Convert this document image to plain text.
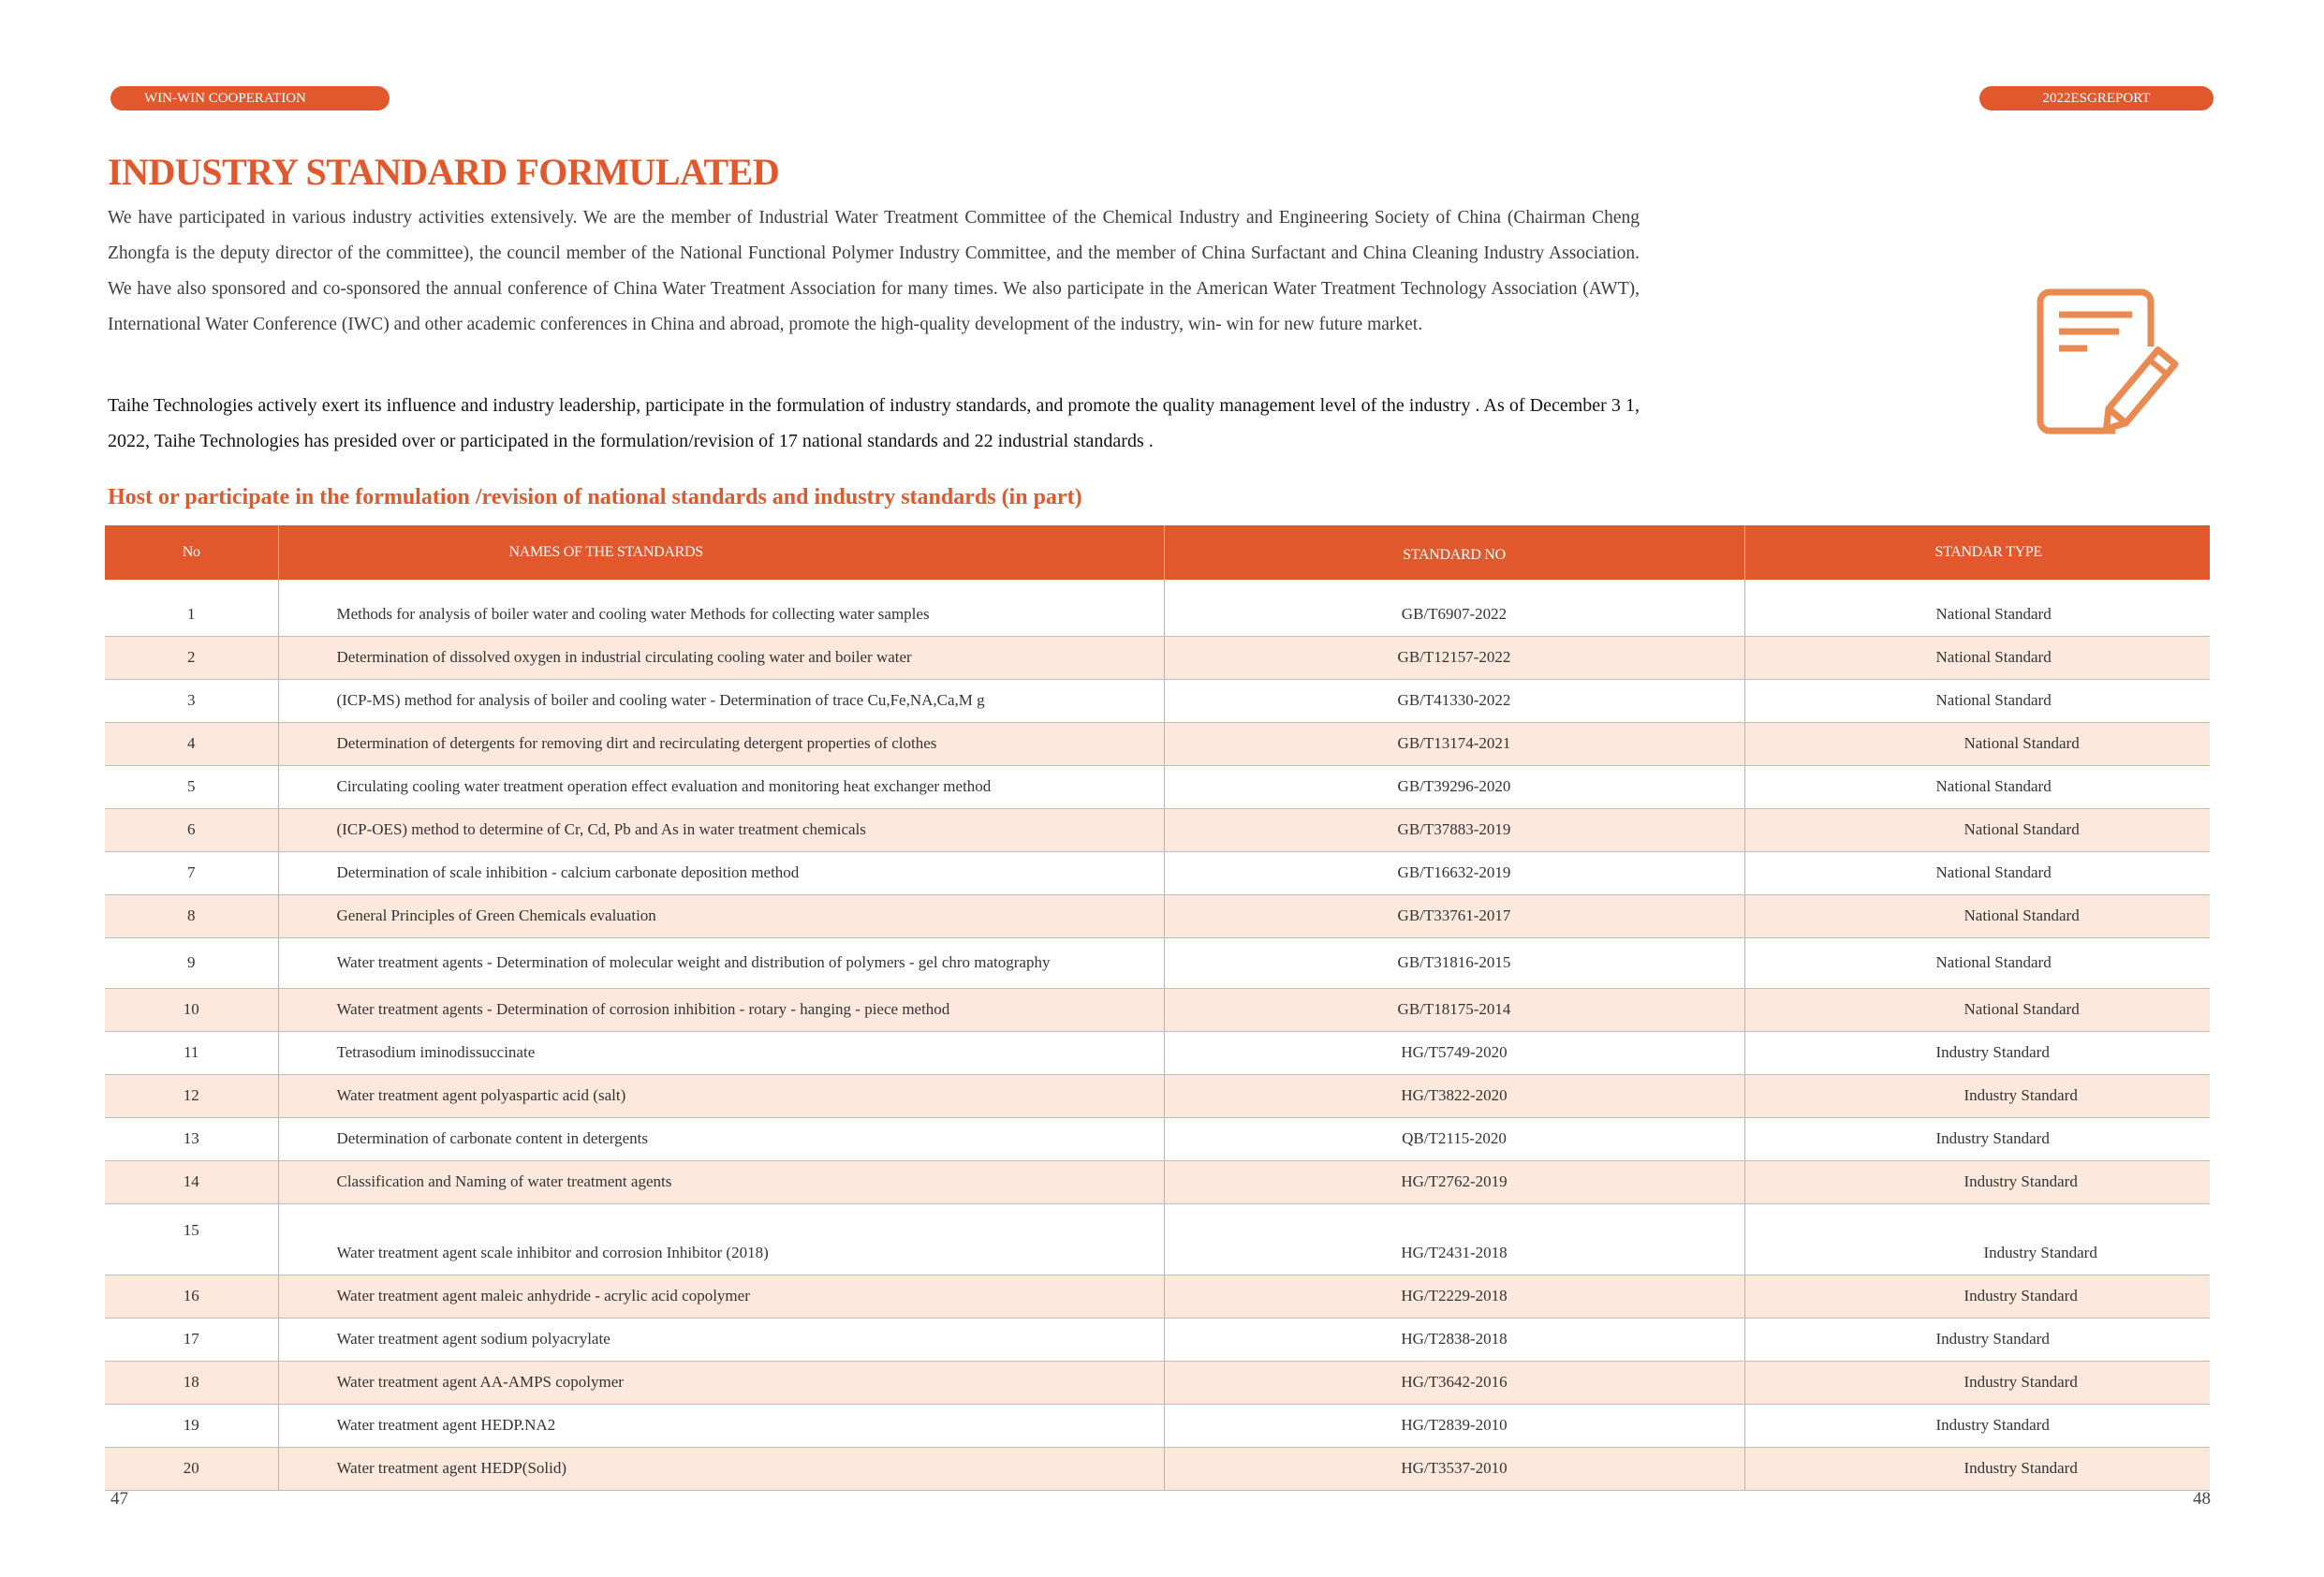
WIN-WIN COOPERATION	2022ESGREPORT
INDUSTRY STANDARD FORMULATED

We have participated in various industry activities extensively. We are the member of Industrial Water Treatment Committee of the Chemical Industry and Engineering Society of China (Chairman Cheng Zhongfa is the deputy director of the committee), the council member of the National Functional Polymer Industry Committee, and the member of China Surfactant and China Cleaning Industry Association. We have also sponsored and co-sponsored the annual conference of China Water Treatment Association for many times. We also participate in the American Water Treatment Technology Association (AWT), International Water Conference (IWC) and other academic conferences in China and abroad, promote the high-quality development of the industry, win- win for new future market.

Taihe Technologies actively exert its influence and industry leadership, participate in the formulation of industry standards, and promote the quality management level of the industry . As of December 3 1, 2022, Taihe Technologies has presided over or participated in the formulation/revision of 17 national standards and 22 industrial standards .

Host or participate in the formulation /revision of national standards and industry standards (in part)
No	NAMES OF THE STANDARDS	STANDARD NO	STANDAR TYPE
1	Methods for analysis of boiler water and cooling water Methods for collecting water samples	GB/T6907-2022	National Standard
2	Determination of dissolved oxygen in industrial circulating cooling water and boiler water	GB/T12157-2022	National Standard
3	(ICP-MS) method for analysis of boiler and cooling water - Determination of trace Cu,Fe,NA,Ca,M g	GB/T41330-2022	National Standard
4	Determination of detergents for removing dirt and recirculating detergent properties of clothes	GB/T13174-2021	National Standard
5	Circulating cooling water treatment operation effect evaluation and monitoring heat exchanger method	GB/T39296-2020	National Standard
6	(ICP-OES) method to determine of Cr, Cd, Pb and As in water treatment chemicals	GB/T37883-2019	National Standard
7	Determination of scale inhibition - calcium carbonate deposition method	GB/T16632-2019	National Standard
8	General Principles of Green Chemicals evaluation	GB/T33761-2017	National Standard
9	Water treatment agents - Determination of molecular weight and distribution of polymers - gel chro matography	GB/T31816-2015	National Standard
10	Water treatment agents - Determination of corrosion inhibition - rotary - hanging - piece method	GB/T18175-2014	National Standard
11	Tetrasodium iminodissuccinate	HG/T5749-2020	Industry Standard
12	Water treatment agent polyaspartic acid (salt)	HG/T3822-2020	Industry Standard
13	Determination of carbonate content in detergents	QB/T2115-2020	Industry Standard
14	Classification and Naming of water treatment agents	HG/T2762-2019	Industry Standard
15	Water treatment agent scale inhibitor and corrosion Inhibitor (2018)	HG/T2431-2018	Industry Standard
16	Water treatment agent maleic anhydride - acrylic acid copolymer	HG/T2229-2018	Industry Standard
17	Water treatment agent sodium polyacrylate	HG/T2838-2018	Industry Standard
18	Water treatment agent AA-AMPS copolymer	HG/T3642-2016	Industry Standard
19	Water treatment agent HEDP.NA2	HG/T2839-2010	Industry Standard
20	Water treatment agent HEDP(Solid)	HG/T3537-2010	Industry Standard
47	48
